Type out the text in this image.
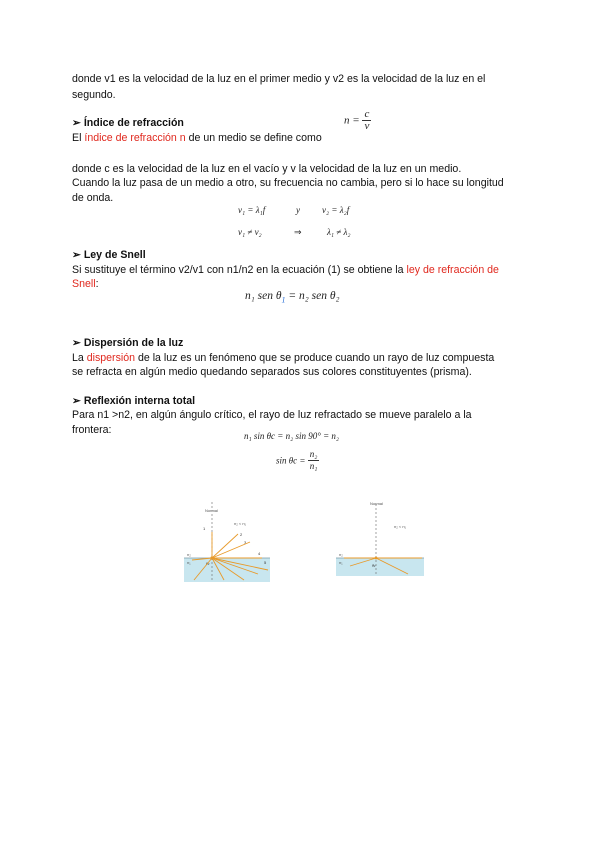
donde v1 es la velocidad de la luz en el primer medio y v2 es la velocidad de la luz en el
segundo.
➢ Índice de refracción
El índice de refracción n de un medio se define como
$n = \frac{c}{v}$
donde c es la velocidad de la luz en el vacío y v la velocidad de la luz en un medio.
Cuando la luz pasa de un medio a otro, su frecuencia no cambia, pero si lo hace su longitud
de onda.
v₁ = λ₁f	y v₂ = λ₂f
v₁ ≠ v₂	⇒	λ₁ ≠ λ₂
➢ Ley de Snell
Si sustituye el término v2/v1 con n1/n2 en la ecuación (1) se obtiene la ley de refracción de
Snell:
n₁ sen $\theta_1 = n_2$ sen θ₂
➢ Dispersión de la luz
La dispersión de la luz es un fenómeno que se produce cuando un rayo de luz compuesta
se refracta en algún medio quedando separados sus colores constituyentes (prisma).
➢ Reflexión interna total
Para n1 >n2, en algún ángulo crítico, el rayo de luz refractado se mueve paralelo a la
frontera:	n₁ sin θc = n₂ sin 90° = n₂
$\sin \theta c = \frac{\text{n₂}}{\text{n₁}}$
Normal
n₂ < n₁
n₂
n₁	θc
1
2
3
4
5
Normal
n₂ < n₁
n₂
n₁
θc
